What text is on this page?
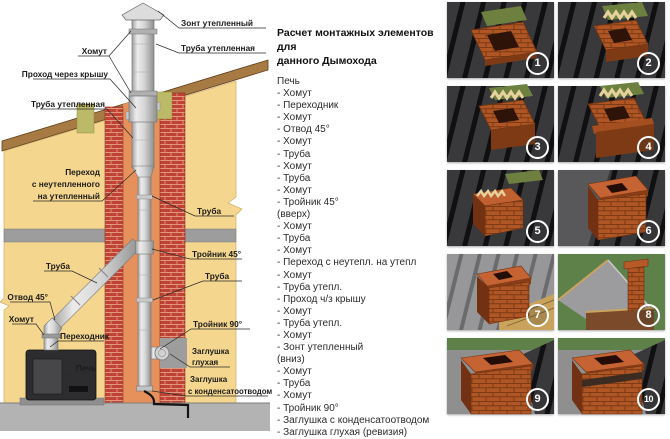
Зонт утепленный
Хомут	Труба утепленная
Проход через крышу
Труба утепленная
Переход
с неутепленного
на утепленный
Труба
Тройник 45°
Труба
Труба
Отвод 45°
Хомут
Переходник
Печь
Тройник 90°
Заглушка
глухая
Заглушка
с конденсатоотводом
Расчет монтажных элементов для
данного Дымохода
Печь
- Хомут
- Переходник
- Хомут
- Отвод 45°
- Хомут
- Труба
- Хомут
- Труба
- Хомут
- Тройник 45°
(вверх)
- Хомут
- Труба
- Хомут
- Переход с неутепл. на утепл
- Хомут
- Труба утепл.
- Проход ч/з крышу
- Хомут
- Труба утепл.
- Хомут
- Зонт утепленный
(вниз)
- Хомут
- Труба
- Хомут
- Тройник 90°
- Заглушка с конденсатоотводом
- Заглушка глухая (ревизия)
1	2
3	4
5	6
7	8
9	10
